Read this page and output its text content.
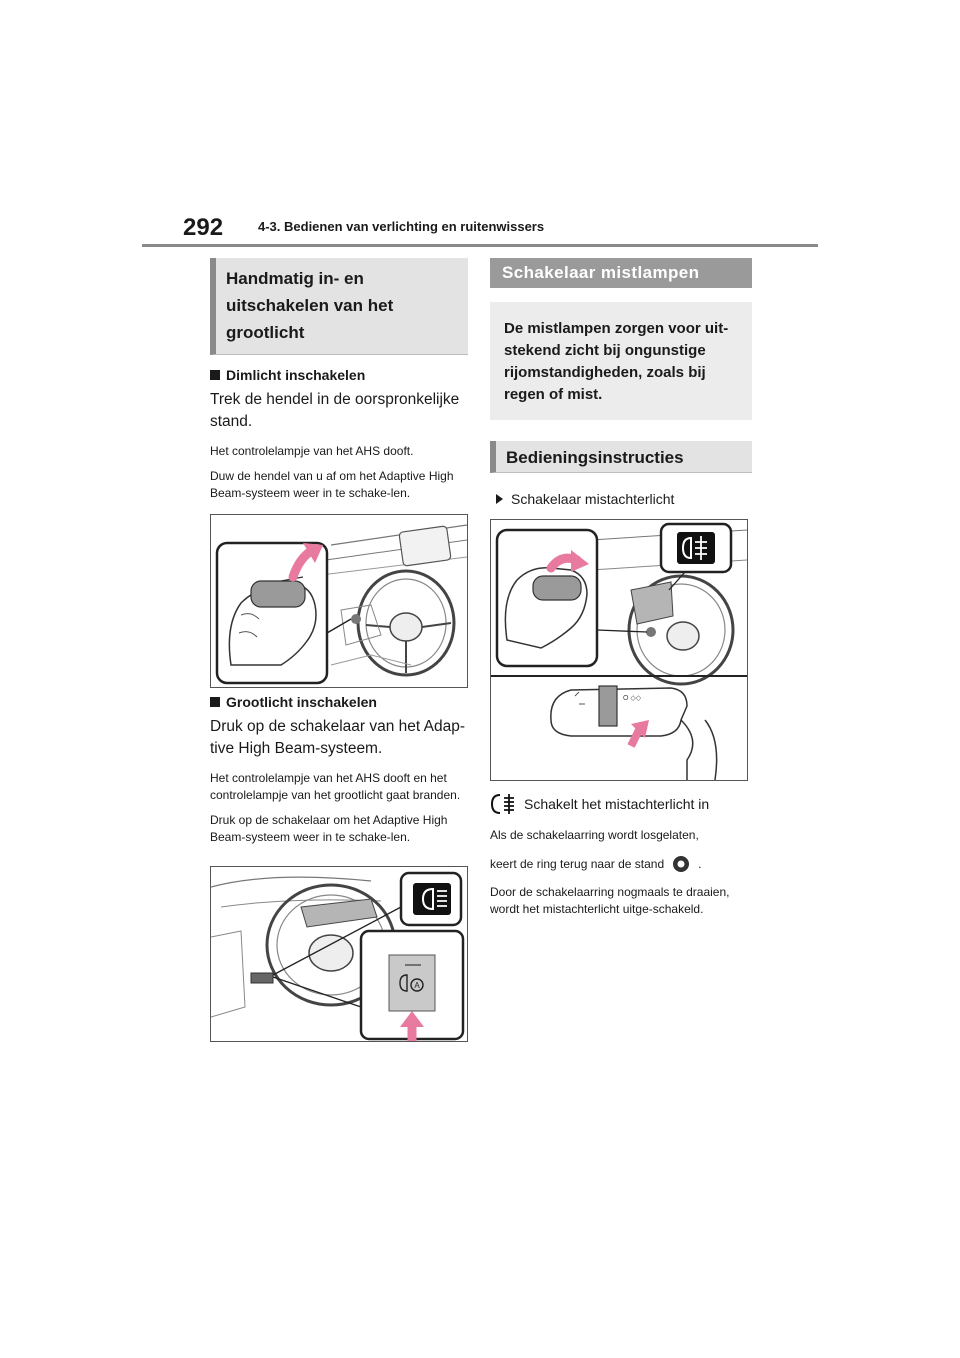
292	4-3. Bedienen van verlichting en ruitenwissers
Handmatig in- en uitschakelen van het grootlicht
Dimlicht inschakelen
Trek de hendel in de oorspronkelijke stand.
Het controlelampje van het AHS dooft.
Duw de hendel van u af om het Adaptive High Beam-systeem weer in te schake-len.
Grootlicht inschakelen
Druk op de schakelaar van het Adap-tive High Beam-systeem.
Het controlelampje van het AHS dooft en het controlelampje van het grootlicht gaat branden.
Druk op de schakelaar om het Adaptive High Beam-systeem weer in te schake-len.
A
Schakelaar mistlampen
De mistlampen zorgen voor uit-stekend zicht bij ongunstige rijomstandigheden, zoals bij regen of mist.
Bedieningsinstructies
Schakelaar mistachterlicht
O ◇◇
Schakelt het mistachterlicht in
Als de schakelaarring wordt losgelaten,
keert de ring terug naar de stand	.
Door de schakelaarring nogmaals te draaien, wordt het mistachterlicht uitge-schakeld.
